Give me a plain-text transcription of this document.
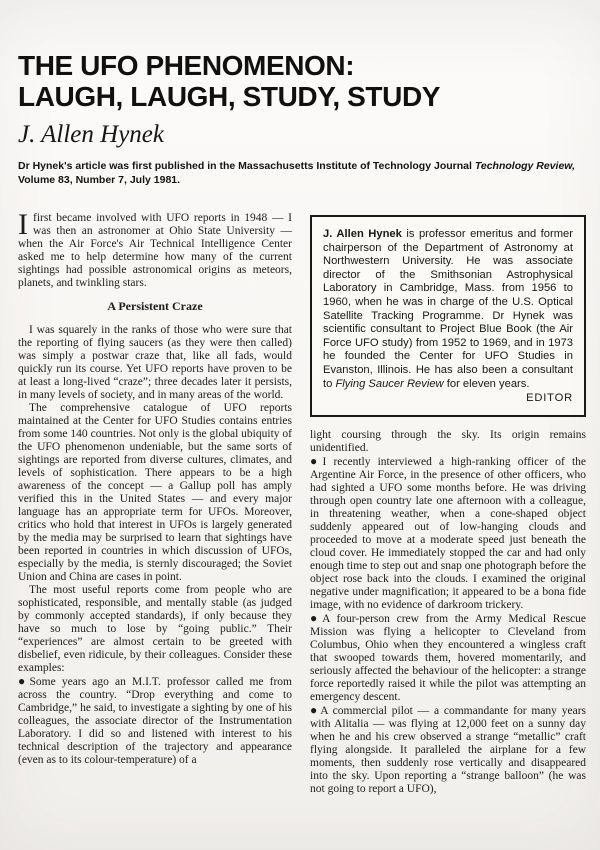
THE UFO PHENOMENON:
LAUGH, LAUGH, STUDY, STUDY
J. Allen Hynek

Dr Hynek's article was first published in the Massachusetts Institute of Technology Journal Technology Review, Volume 83, Number 7, July 1981.

Ifirst became involved with UFO reports in 1948 — I was then an astronomer at Ohio State University — when the Air Force's Air Technical Intelligence Center asked me to help determine how many of the current sightings had possible astronomical origins as meteors, planets, and twinkling stars.

A Persistent Craze

I was squarely in the ranks of those who were sure that the reporting of flying saucers (as they were then called) was simply a postwar craze that, like all fads, would quickly run its course. Yet UFO reports have proven to be at least a long-lived “craze”; three decades later it persists, in many levels of society, and in many areas of the world.

The comprehensive catalogue of UFO reports maintained at the Center for UFO Studies contains entries from some 140 countries. Not only is the global ubiquity of the UFO phenomenon undeniable, but the same sorts of sightings are reported from diverse cultures, climates, and levels of sophistication. There appears to be a high awareness of the concept — a Gallup poll has amply verified this in the United States — and every major language has an appropriate term for UFOs. Moreover, critics who hold that interest in UFOs is largely generated by the media may be surprised to learn that sightings have been reported in countries in which discussion of UFOs, especially by the media, is sternly discouraged; the Soviet Union and China are cases in point.

The most useful reports come from people who are sophisticated, responsible, and mentally stable (as judged by commonly accepted standards), if only because they have so much to lose by “going public.” Their “experiences” are almost certain to be greeted with disbelief, even ridicule, by their colleagues. Consider these examples:

●Some years ago an M.I.T. professor called me from across the country. “Drop everything and come to Cambridge,” he said, to investigate a sighting by one of his colleagues, the associate director of the Instrumentation Laboratory. I did so and listened with interest to his technical description of the trajectory and appearance (even as to its colour-temperature) of a

J. Allen Hynek is professor emeritus and former chairperson of the Department of Astronomy at Northwestern University. He was associate director of the Smithsonian Astrophysical Laboratory in Cambridge, Mass. from 1956 to 1960, when he was in charge of the U.S. Optical Satellite Tracking Programme. Dr Hynek was scientific consultant to Project Blue Book (the Air Force UFO study) from 1952 to 1969, and in 1973 he founded the Center for UFO Studies in Evanston, Illinois. He has also been a consultant to Flying Saucer Review for eleven years.

EDITOR

light coursing through the sky. Its origin remains unidentified.

●I recently interviewed a high-ranking officer of the Argentine Air Force, in the presence of other officers, who had sighted a UFO some months before. He was driving through open country late one afternoon with a colleague, in threatening weather, when a cone-shaped object suddenly appeared out of low-hanging clouds and proceeded to move at a moderate speed just beneath the cloud cover. He immediately stopped the car and had only enough time to step out and snap one photograph before the object rose back into the clouds. I examined the original negative under magnification; it appeared to be a bona fide image, with no evidence of darkroom trickery.

●A four-person crew from the Army Medical Rescue Mission was flying a helicopter to Cleveland from Columbus, Ohio when they encountered a wingless craft that swooped towards them, hovered momentarily, and seriously affected the behaviour of the helicopter: a strange force reportedly raised it while the pilot was attempting an emergency descent.

●A commercial pilot — a commandante for many years with Alitalia — was flying at 12,000 feet on a sunny day when he and his crew observed a strange “metallic” craft flying alongside. It paralleled the airplane for a few moments, then suddenly rose vertically and disappeared into the sky. Upon reporting a “strange balloon” (he was not going to report a UFO),
